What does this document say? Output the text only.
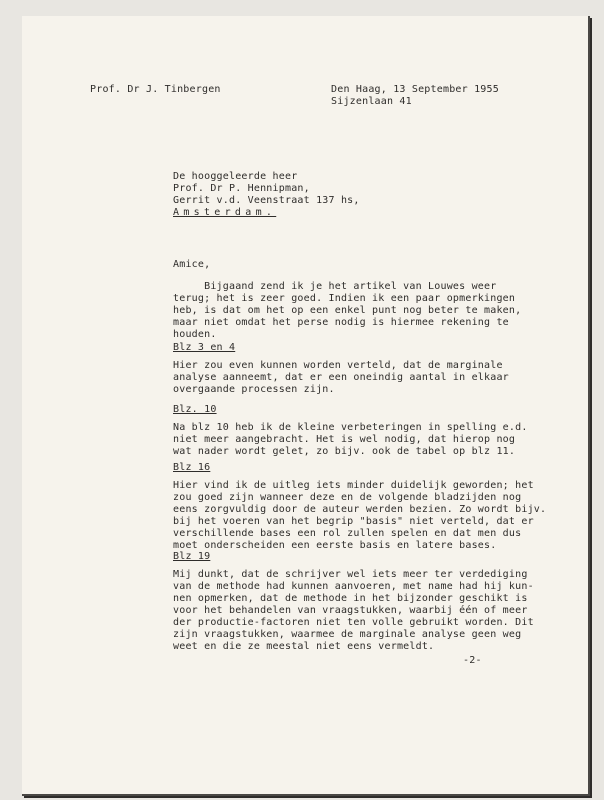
Prof. Dr J. Tinbergen	Den Haag, 13 September 1955
Sijzenlaan 41
De hooggeleerde heer
Prof. Dr P. Hennipman,
Gerrit v.d. Veenstraat 137 hs,
Amsterdam.
Amice,
Bijgaand zend ik je het artikel van Louwes weer
terug; het is zeer goed. Indien ik een paar opmerkingen
heb, is dat om het op een enkel punt nog beter te maken,
maar niet omdat het perse nodig is hiermee rekening te
houden.
Blz 3 en 4
Hier zou even kunnen worden verteld, dat de marginale
analyse aanneemt, dat er een oneindig aantal in elkaar
overgaande processen zijn.
Blz. 10
Na blz 10 heb ik de kleine verbeteringen in spelling e.d.
niet meer aangebracht. Het is wel nodig, dat hierop nog
wat nader wordt gelet, zo bijv. ook de tabel op blz 11.
Blz 16
Hier vind ik de uitleg iets minder duidelijk geworden; het
zou goed zijn wanneer deze en de volgende bladzijden nog
eens zorgvuldig door de auteur werden bezien. Zo wordt bijv.
bij het voeren van het begrip "basis" niet verteld, dat er
verschillende bases een rol zullen spelen en dat men dus
moet onderscheiden een eerste basis en latere bases.
Blz 19
Mij dunkt, dat de schrijver wel iets meer ter verdediging
van de methode had kunnen aanvoeren, met name had hij kun-
nen opmerken, dat de methode in het bijzonder geschikt is
voor het behandelen van vraagstukken, waarbij één of meer
der productie-factoren niet ten volle gebruikt worden. Dit
zijn vraagstukken, waarmee de marginale analyse geen weg
weet en die ze meestal niet eens vermeldt.
-2-
